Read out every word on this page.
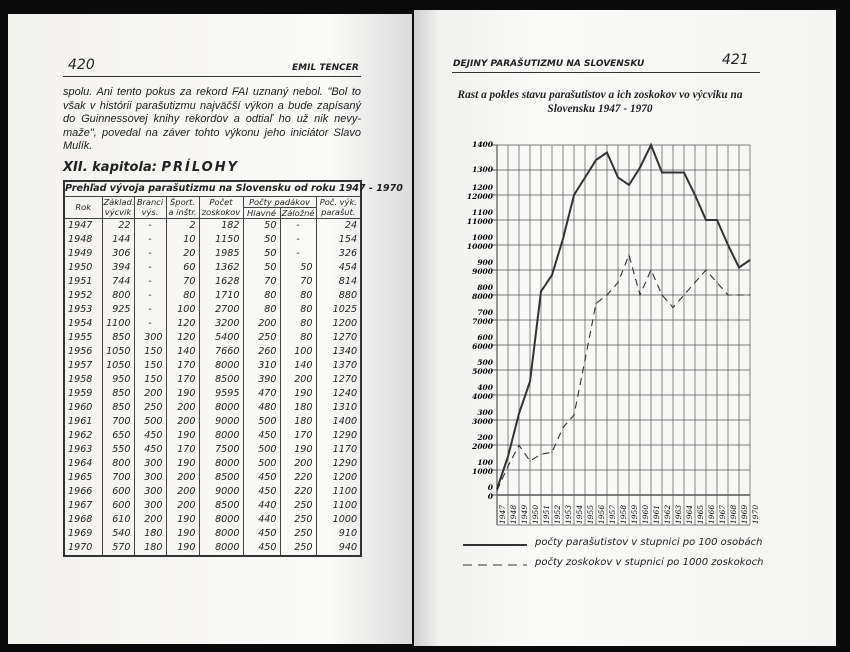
420	EMIL TENCER
spolu. Ani tento pokus za rekord FAI uznaný nebol. "Bol to však v histórii parašutizmu najväčší výkon a bude zapísaný do Guinnessovej knihy rekordov a odtiaľ ho už nik nevy-maže", povedal na záver tohto výkonu jeho iniciátor Slavo Mulík.
XII. kapitola: PRÍLOHY
Prehľad vývoja parašutizmu na Slovensku od roku 1947 - 1970							
Rok	Základ. výcvik	Branci výs.	Šport. a inštr.	Počet zoskokov	Počty padákov		Poč. výk. parašut.
					Hlavné	Záložné	
1947	22	-	2	182	50	-	24
1948	144	-	10	1150	50	-	154
1949	306	-	20	1985	50	-	326
1950	394	-	60	1362	50	50	454
1951	744	-	70	1628	70	70	814
1952	800	-	80	1710	80	80	880
1953	925	-	100	2700	80	80	1025
1954	1100	-	120	3200	200	80	1200
1955	850	300	120	5400	250	80	1270
1956	1050	150	140	7660	260	100	1340
1957	1050	150	170	8000	310	140	1370
1958	950	150	170	8500	390	200	1270
1959	850	200	190	9595	470	190	1240
1960	850	250	200	8000	480	180	1310
1961	700	500	200	9000	500	180	1400
1962	650	450	190	8000	450	170	1290
1963	550	450	170	7500	500	190	1170
1964	800	300	190	8000	500	200	1290
1965	700	300	200	8500	450	220	1200
1966	600	300	200	9000	450	220	1100
1967	600	300	200	8500	440	250	1100
1968	610	200	190	8000	440	250	1000
1969	540	180	190	8000	450	250	910
1970	570	180	190	8000	450	250	940
DEJINY PARAŠUTIZMU NA SLOVENSKU	421
Rast a pokles stavu parašutistov a ich zoskokov vo výcviku na Slovensku 1947 - 1970
0
0
100
1000
200
2000
300
3000
400
4000
500
5000
600
6000
700
7000
800
8000
900
9000
1000
10000
1100
11000
1200
12000
1300
1400
1947 1948 1949 1950 1951 1952 1953 1954 1955 1956 1957 1958 1959 1960 1961 1962 1963 1964 1965 1966 1967 1968 1969 1970
počty parašutistov v stupnici po 100 osobách
počty zoskokov v stupnici po 1000 zoskokoch
